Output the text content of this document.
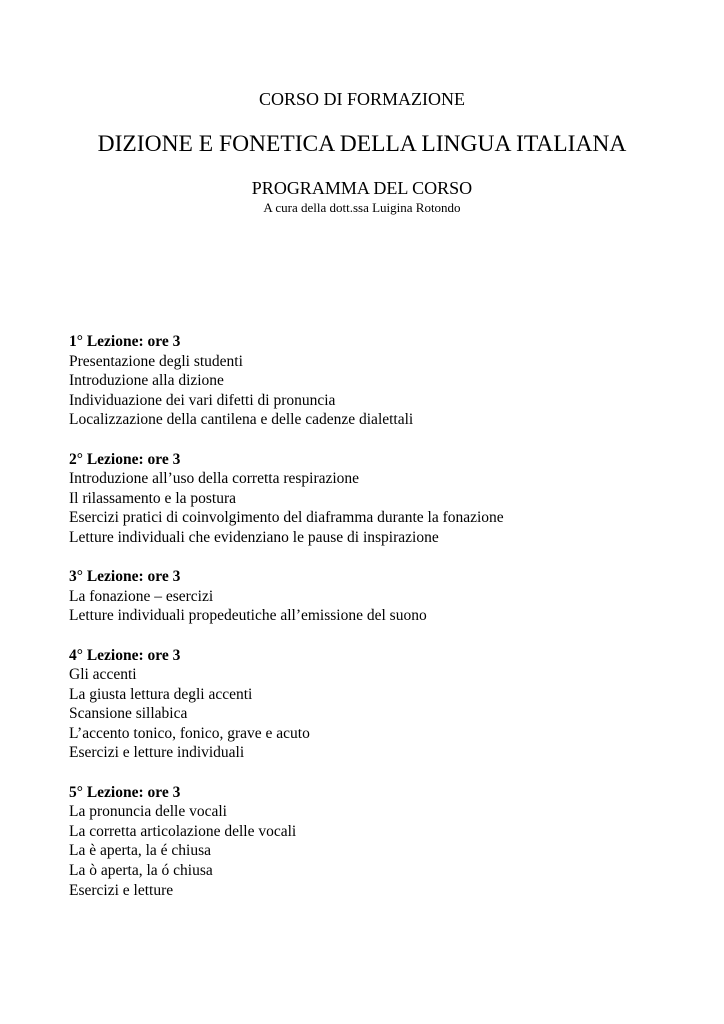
CORSO DI FORMAZIONE
DIZIONE E FONETICA DELLA LINGUA ITALIANA
PROGRAMMA DEL CORSO
A cura della dott.ssa Luigina Rotondo
1° Lezione: ore 3
Presentazione degli studenti
Introduzione alla dizione
Individuazione dei vari difetti di pronuncia
Localizzazione della cantilena e delle cadenze dialettali
2° Lezione: ore 3
Introduzione all’uso della corretta respirazione
Il rilassamento e la postura
Esercizi pratici di coinvolgimento del diaframma durante la fonazione
Letture individuali che evidenziano le pause di inspirazione
3° Lezione: ore 3
La fonazione – esercizi
Letture individuali propedeutiche all’emissione del suono
4° Lezione: ore 3
Gli accenti
La giusta lettura degli accenti
Scansione sillabica
L’accento tonico, fonico, grave e acuto
Esercizi e letture individuali
5° Lezione: ore 3
La pronuncia delle vocali
La corretta articolazione delle vocali
La è aperta, la é chiusa
La ò aperta, la ó chiusa
Esercizi e letture
